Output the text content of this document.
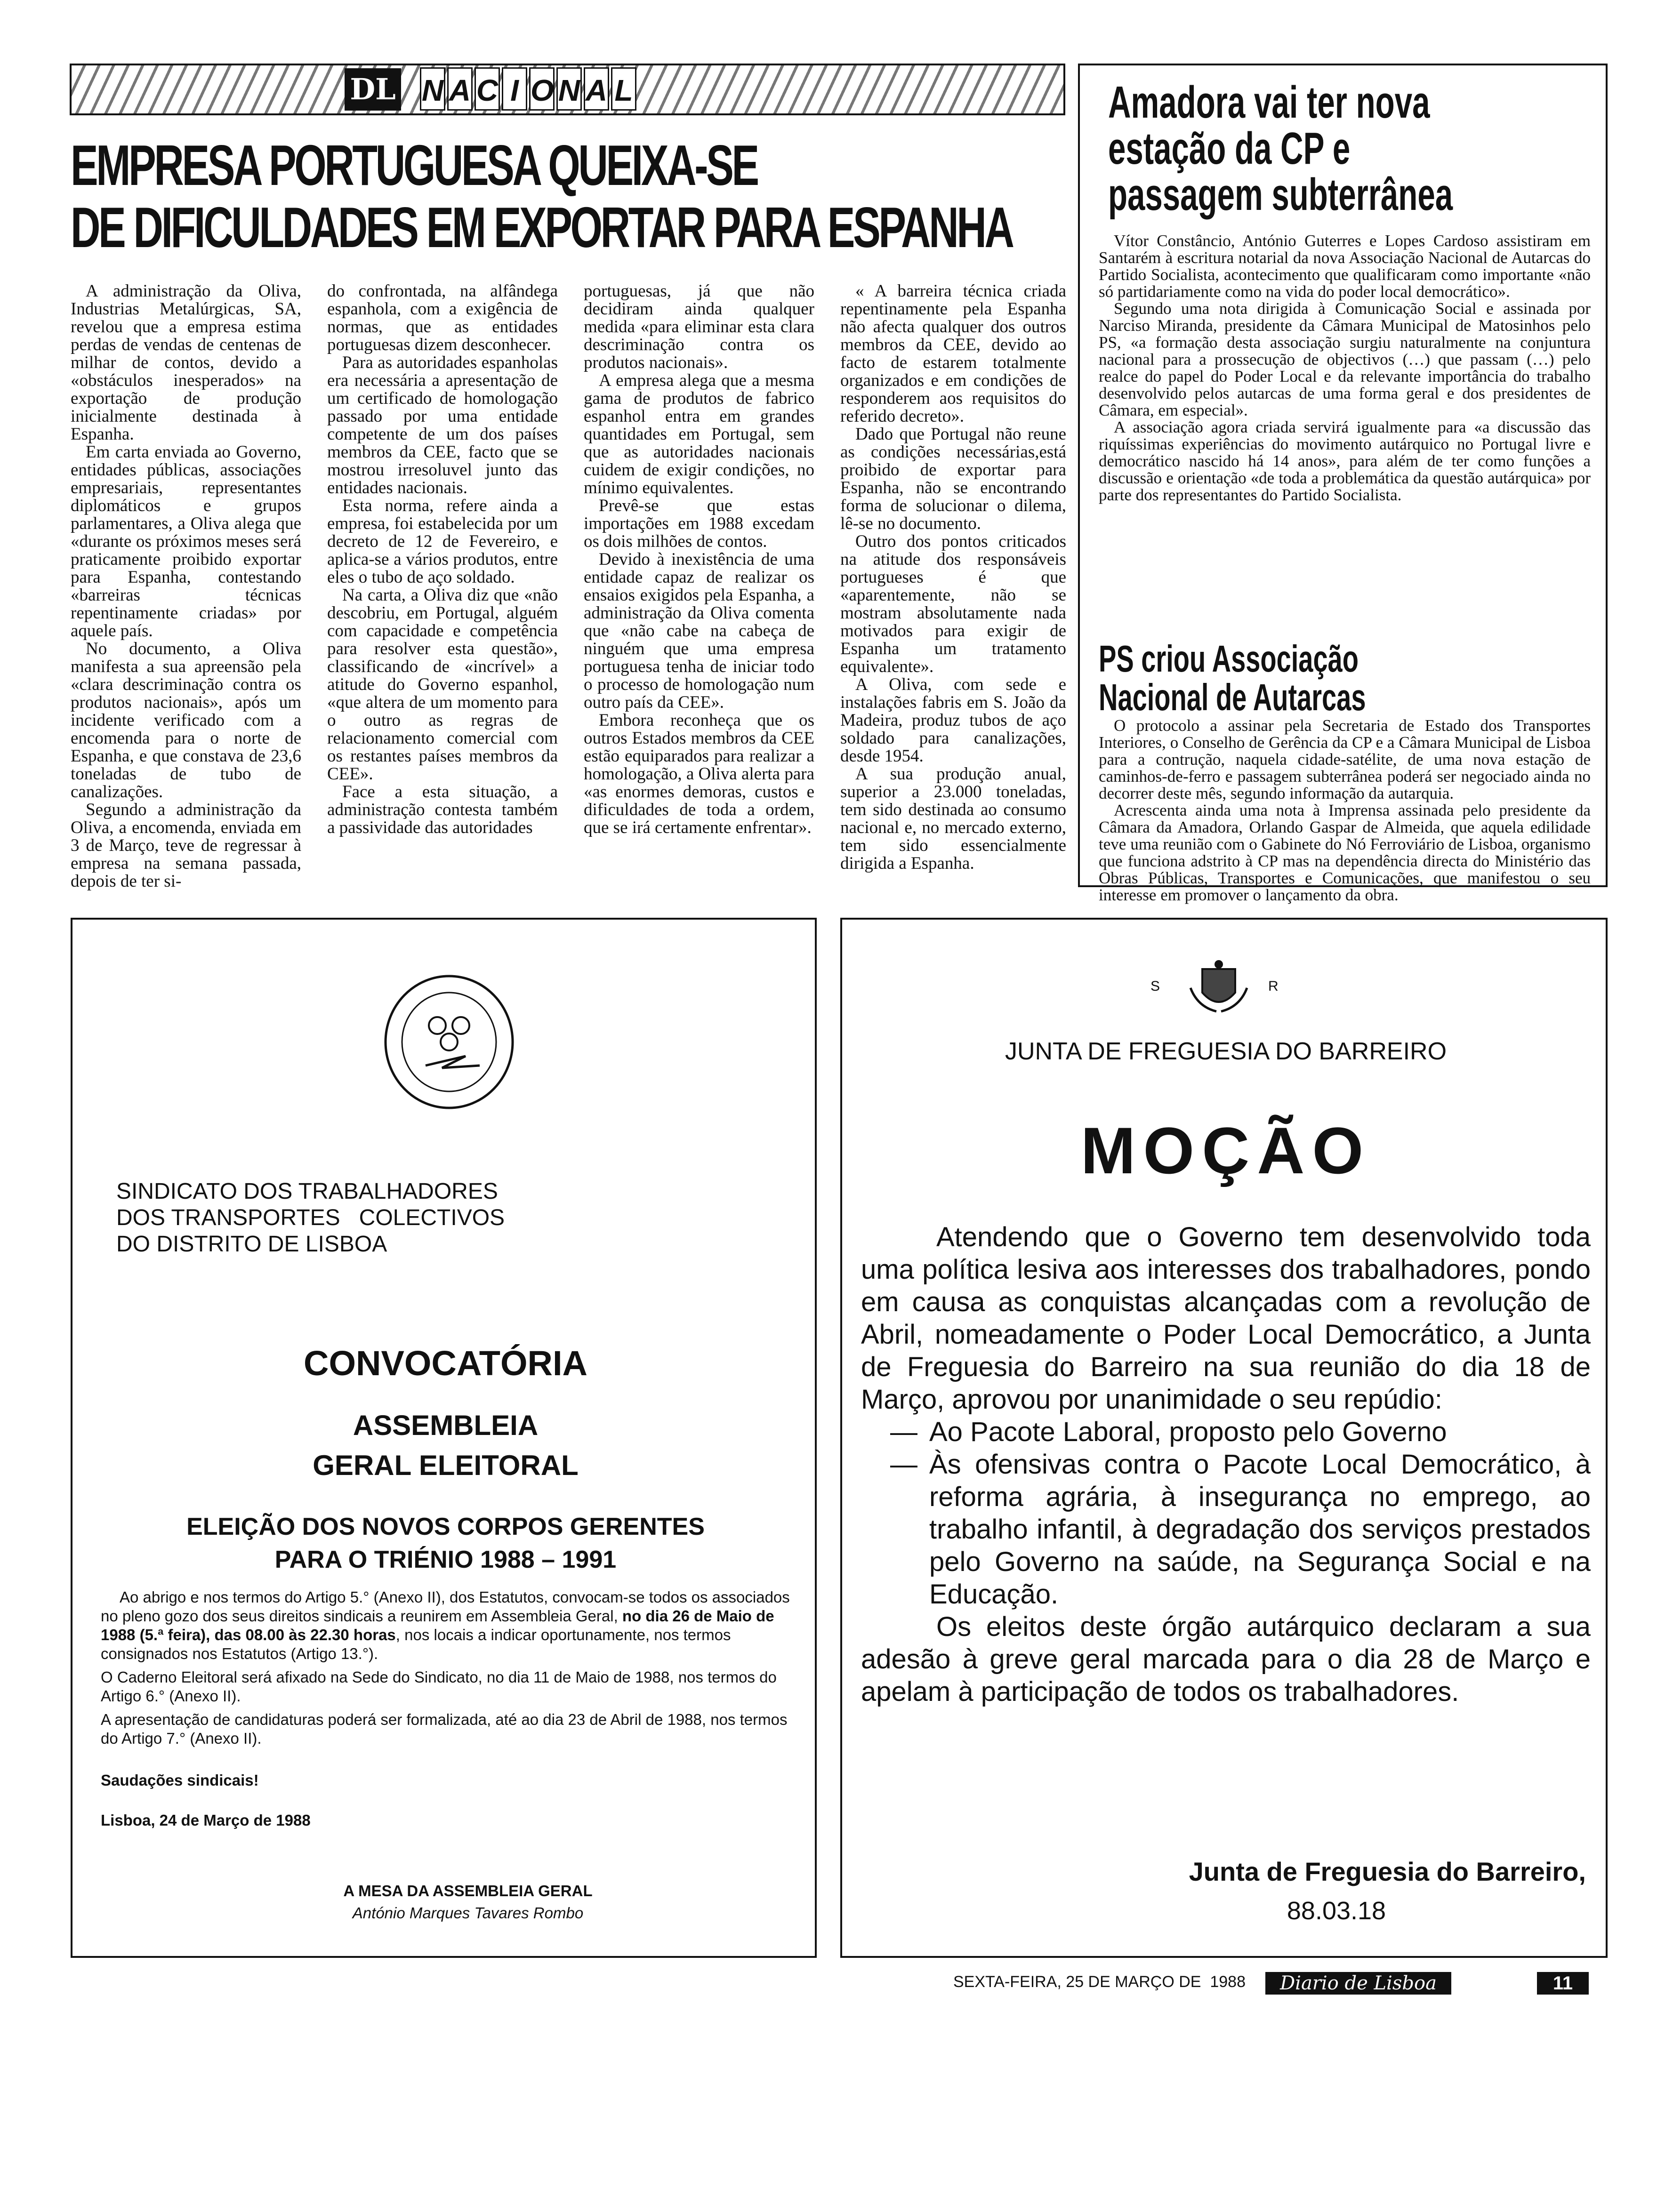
DL N A C I O N A L
EMPRESA PORTUGUESA QUEIXA-SE
DE DIFICULDADES EM EXPORTAR PARA ESPANHA

A administração da Oliva, Industrias Metalúrgicas, SA, revelou que a empresa estima perdas de vendas de centenas de milhar de contos, devido a «obstáculos inesperados» na exportação de produção inicialmente destinada à Espanha.

Em carta enviada ao Governo, entidades públicas, associações empresariais, representantes diplomáticos e grupos parlamentares, a Oliva alega que «durante os próximos meses será praticamente proibido exportar para Espanha, contestando «barreiras técnicas repentinamente criadas» por aquele país.

No documento, a Oliva manifesta a sua apreensão pela «clara descriminação contra os produtos nacionais», após um incidente verificado com a encomenda para o norte de Espanha, e que constava de 23,6 toneladas de tubo de canalizações.

Segundo a administração da Oliva, a encomenda, enviada em 3 de Março, teve de regressar à empresa na semana passada, depois de ter si-

do confrontada, na alfândega espanhola, com a exigência de normas, que as entidades portuguesas dizem desconhecer.

Para as autoridades espanholas era necessária a apresentação de um certificado de homologação passado por uma entidade competente de um dos países membros da CEE, facto que se mostrou irresoluvel junto das entidades nacionais.

Esta norma, refere ainda a empresa, foi estabelecida por um decreto de 12 de Fevereiro, e aplica-se a vários produtos, entre eles o tubo de aço soldado.

Na carta, a Oliva diz que «não descobriu, em Portugal, alguém com capacidade e competência para resolver esta questão», classificando de «incrível» a atitude do Governo espanhol, «que altera de um momento para o outro as regras de relacionamento comercial com os restantes países membros da CEE».

Face a esta situação, a administração contesta também a passividade das autoridades

portuguesas, já que não decidiram ainda qualquer medida «para eliminar esta clara descriminação contra os produtos nacionais».

A empresa alega que a mesma gama de produtos de fabrico espanhol entra em grandes quantidades em Portugal, sem que as autoridades nacionais cuidem de exigir condições, no mínimo equivalentes.

Prevê-se que estas importações em 1988 excedam os dois milhões de contos.

Devido à inexistência de uma entidade capaz de realizar os ensaios exigidos pela Espanha, a administração da Oliva comenta que «não cabe na cabeça de ninguém que uma empresa portuguesa tenha de iniciar todo o processo de homologação num outro país da CEE».

Embora reconheça que os outros Estados membros da CEE estão equiparados para realizar a homologação, a Oliva alerta para «as enormes demoras, custos e dificuldades de toda a ordem, que se irá certamente enfrentar».

« A barreira técnica criada repentinamente pela Espanha não afecta qualquer dos outros membros da CEE, devido ao facto de estarem totalmente organizados e em condições de responderem aos requisitos do referido decreto».

Dado que Portugal não reune as condições necessárias,está proibido de exportar para Espanha, não se encontrando forma de solucionar o dilema, lê-se no documento.

Outro dos pontos criticados na atitude dos responsáveis portugueses é que «aparentemente, não se mostram absolutamente nada motivados para exigir de Espanha um tratamento equivalente».

A Oliva, com sede e instalações fabris em S. João da Madeira, produz tubos de aço soldado para canalizações, desde 1954.

A sua produção anual, superior a 23.000 toneladas, tem sido destinada ao consumo nacional e, no mercado externo, tem sido essencialmente dirigida a Espanha.

Amadora vai ter nova estação da CP e passagem subterrânea

Vítor Constâncio, António Guterres e Lopes Cardoso assistiram em Santarém à escritura notarial da nova Associação Nacional de Autarcas do Partido Socialista, acontecimento que qualificaram como importante «não só partidariamente como na vida do poder local democrático».

Segundo uma nota dirigida à Comunicação Social e assinada por Narciso Miranda, presidente da Câmara Municipal de Matosinhos pelo PS, «a formação desta associação surgiu naturalmente na conjuntura nacional para a prossecução de objectivos (…) que passam (…) pelo realce do papel do Poder Local e da relevante importância do trabalho desenvolvido pelos autarcas de uma forma geral e dos presidentes de Câmara, em especial».

A associação agora criada servirá igualmente para «a discussão das riquíssimas experiências do movimento autárquico no Portugal livre e democrático nascido há 14 anos», para além de ter como funções a discussão e orientação «de toda a problemática da questão autárquica» por parte dos representantes do Partido Socialista.

PS criou Associação Nacional de Autarcas

O protocolo a assinar pela Secretaria de Estado dos Transportes Interiores, o Conselho de Gerência da CP e a Câmara Municipal de Lisboa para a contrução, naquela cidade-satélite, de uma nova estação de caminhos-de-ferro e passagem subterrânea poderá ser negociado ainda no decorrer deste mês, segundo informação da autarquia.

Acrescenta ainda uma nota à Imprensa assinada pelo presidente da Câmara da Amadora, Orlando Gaspar de Almeida, que aquela edilidade teve uma reunião com o Gabinete do Nó Ferroviário de Lisboa, organismo que funciona adstrito à CP mas na dependência directa do Ministério das Obras Públicas, Transportes e Comunicações, que manifestou o seu interesse em promover o lançamento da obra.

SINDICATO DOS TRABALHADORES
DOS TRANSPORTES   COLECTIVOS
DO DISTRITO DE LISBOA
CONVOCATÓRIA
ASSEMBLEIA
GERAL ELEITORAL
ELEIÇÃO DOS NOVOS CORPOS GERENTES
PARA O TRIÉNIO 1988 – 1991

Ao abrigo e nos termos do Artigo 5.° (Anexo II), dos Estatutos, convocam-se todos os associados no pleno gozo dos seus direitos sindicais a reunirem em Assembleia Geral, no dia 26 de Maio de 1988 (5.ª feira), das 08.00 às 22.30 horas, nos locais a indicar oportunamente, nos termos consignados nos Estatutos (Artigo 13.°).

O Caderno Eleitoral será afixado na Sede do Sindicato, no dia 11 de Maio de 1988, nos termos do Artigo 6.° (Anexo II).

A apresentação de candidaturas poderá ser formalizada, até ao dia 23 de Abril de 1988, nos termos do Artigo 7.° (Anexo II).

Saudações sindicais!
Lisboa, 24 de Março de 1988
A MESA DA ASSEMBLEIA GERAL
António Marques Tavares Rombo
S	R
JUNTA DE FREGUESIA DO BARREIRO
MOÇÃO

Atendendo que o Governo tem desenvolvido toda uma política lesiva aos interesses dos trabalhadores, pondo em causa as conquistas alcançadas com a revolução de Abril, nomeadamente o Poder Local Democrático, a Junta de Freguesia do Barreiro na sua reunião do dia 18 de Março, aprovou por unanimidade o seu repúdio:

— Ao Pacote Laboral, proposto pelo Governo
— Às ofensivas contra o Pacote Local Democrático, à reforma agrária, à insegurança no emprego, ao trabalho infantil, à degradação dos serviços prestados pelo Governo na saúde, na Segurança Social e na Educação.

Os eleitos deste órgão autárquico declaram a sua adesão à greve geral marcada para o dia 28 de Março e apelam à participação de todos os trabalhadores.

Junta de Freguesia do Barreiro,
88.03.18
SEXTA-FEIRA, 25 DE MARÇO DE  1988	Diario de Lisboa	11
